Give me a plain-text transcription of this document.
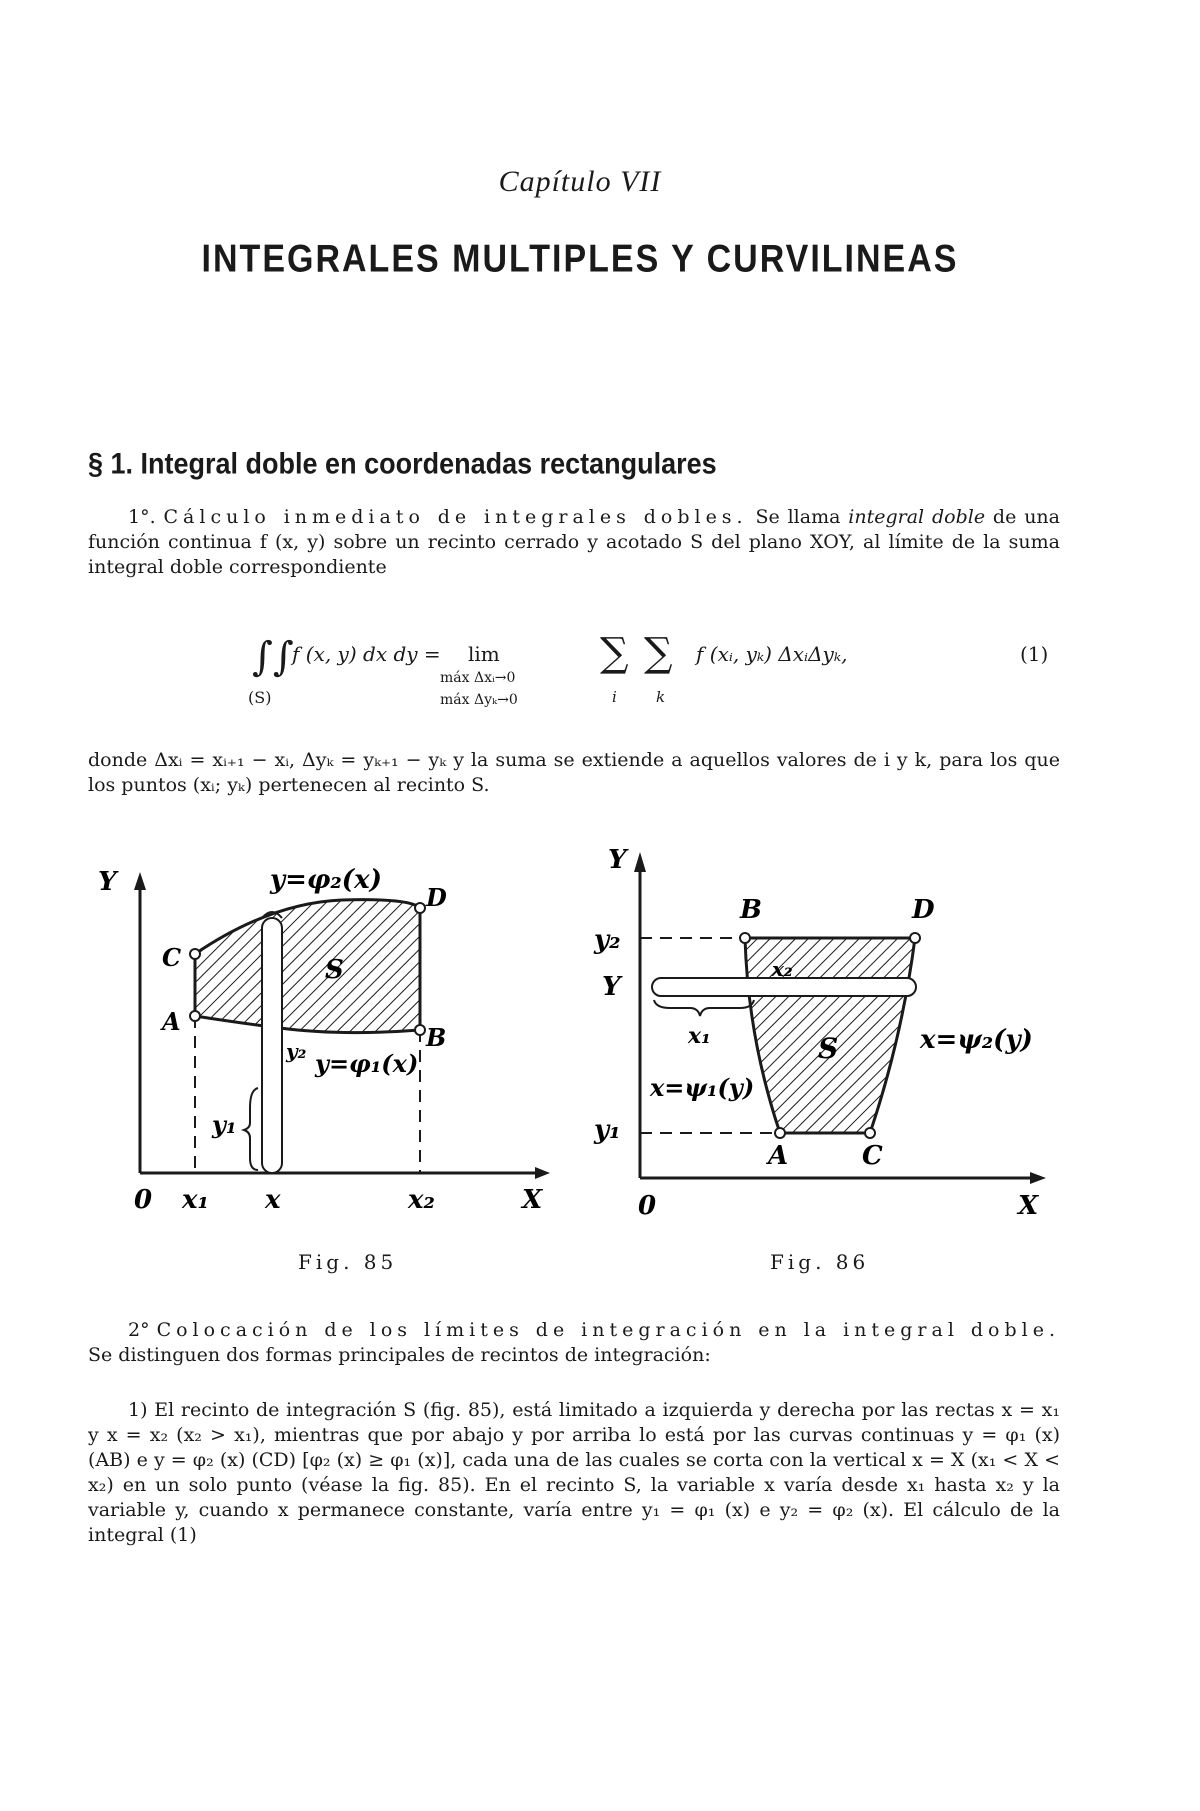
Capítulo VII
INTEGRALES MULTIPLES Y CURVILINEAS
§ 1. Integral doble en coordenadas rectangulares
1°. Cálculo inmediato de integrales dobles. Se llama integral doble de una función continua f (x, y) sobre un recinto cerrado y acotado S del plano XOY, al límite de la suma integral doble correspondiente
∫∫
(S)
f (x, y) dx dy = lim
máx Δxᵢ→0
máx Δyₖ→0
∑
i
∑
k
f (xᵢ, yₖ) ΔxᵢΔyₖ,	(1)
donde Δxᵢ = xᵢ₊₁ − xᵢ, Δyₖ = yₖ₊₁ − yₖ y la suma se extiende a aquellos valores de i y k, para los que los puntos (xᵢ; yₖ) pertenecen al recinto S.
Y
X
0 x₁ x	x₂
C
A
D
B
S
y=φ₂(x)
y=φ₁(x)
y₂
y₁
Fig. 85
Y
X
0
y₂
Y
y₁
B	D
A	C
S
x₂
x₁
x=ψ₁(y)
x=ψ₂(y)
Fig. 86
2° Colocación de los límites de integración en la integral doble. Se distinguen dos formas principales de recintos de integración:
1) El recinto de integración S (fig. 85), está limitado a izquierda y derecha por las rectas x = x₁ y x = x₂ (x₂ > x₁), mientras que por abajo y por arriba lo está por las curvas continuas y = φ₁ (x) (AB) e y = φ₂ (x) (CD) [φ₂ (x) ≥ φ₁ (x)], cada una de las cuales se corta con la vertical x = X (x₁ < X < x₂) en un solo punto (véase la fig. 85). En el recinto S, la variable x varía desde x₁ hasta x₂ y la variable y, cuando x permanece constante, varía entre y₁ = φ₁ (x) e y₂ = φ₂ (x). El cálculo de la integral (1)
